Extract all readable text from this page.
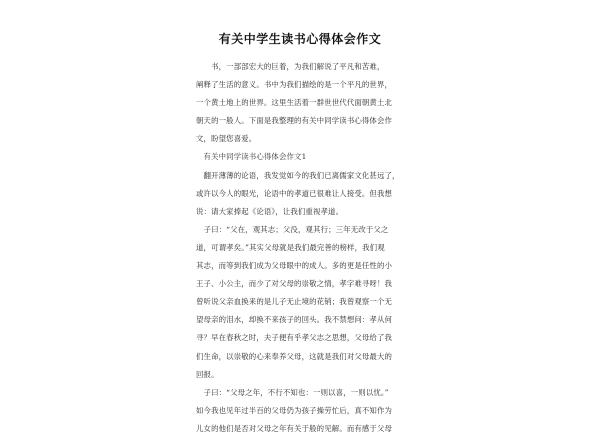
有关中学生读书心得体会作文
　　书，一部部宏大的巨着，为我们解说了平凡和苦难，
阐释了生活的意义。书中为我们描绘的是一个平凡的世界，
一个黄土地上的世界。这里生活着一群世世代代面朝黄土北
朝天的一般人。下面是我整理的有关中同学读书心得体会作
文，盼望您喜爱。
　有关中同学读书心得体会作文1
　翻开薄薄的论语，我发觉如今的我们已离儒家文化甚远了，
或许以今人的眼光，论语中的孝道已很难让人接受。但我想
说：请大家捧起《论语》，让我们重视孝道。
　子曰：“父在，观其志；父没，观其行；三年无改于父之
道，可谓孝矣。”其实父母就是我们最完善的榜样，我们观
其志，而等到我们成为父母眼中的成人。多的更是任性的小
王子、小公主，而少了对父母的崇敬之情，孝字难寻呀！我
曾听说父亲血换来的是儿子无止境的花销；我曾观察一个无
望母亲的泪水，却换不来孩子的回头。我不禁想问：孝从何
寻？早在春秋之时，夫子便有乎孝父志之思想，父母给了我
们生命，以崇敬的心来奉养父母，这就是我们对父母最大的
回报。
　子曰：“父母之年，不行不知也：一则以喜，一则以忧。”
如今我也见年过半百的父母仍为孩子操劳忙后，真不知作为
儿女的他们是否对父母之年有关于般的见解。而有感于父母
